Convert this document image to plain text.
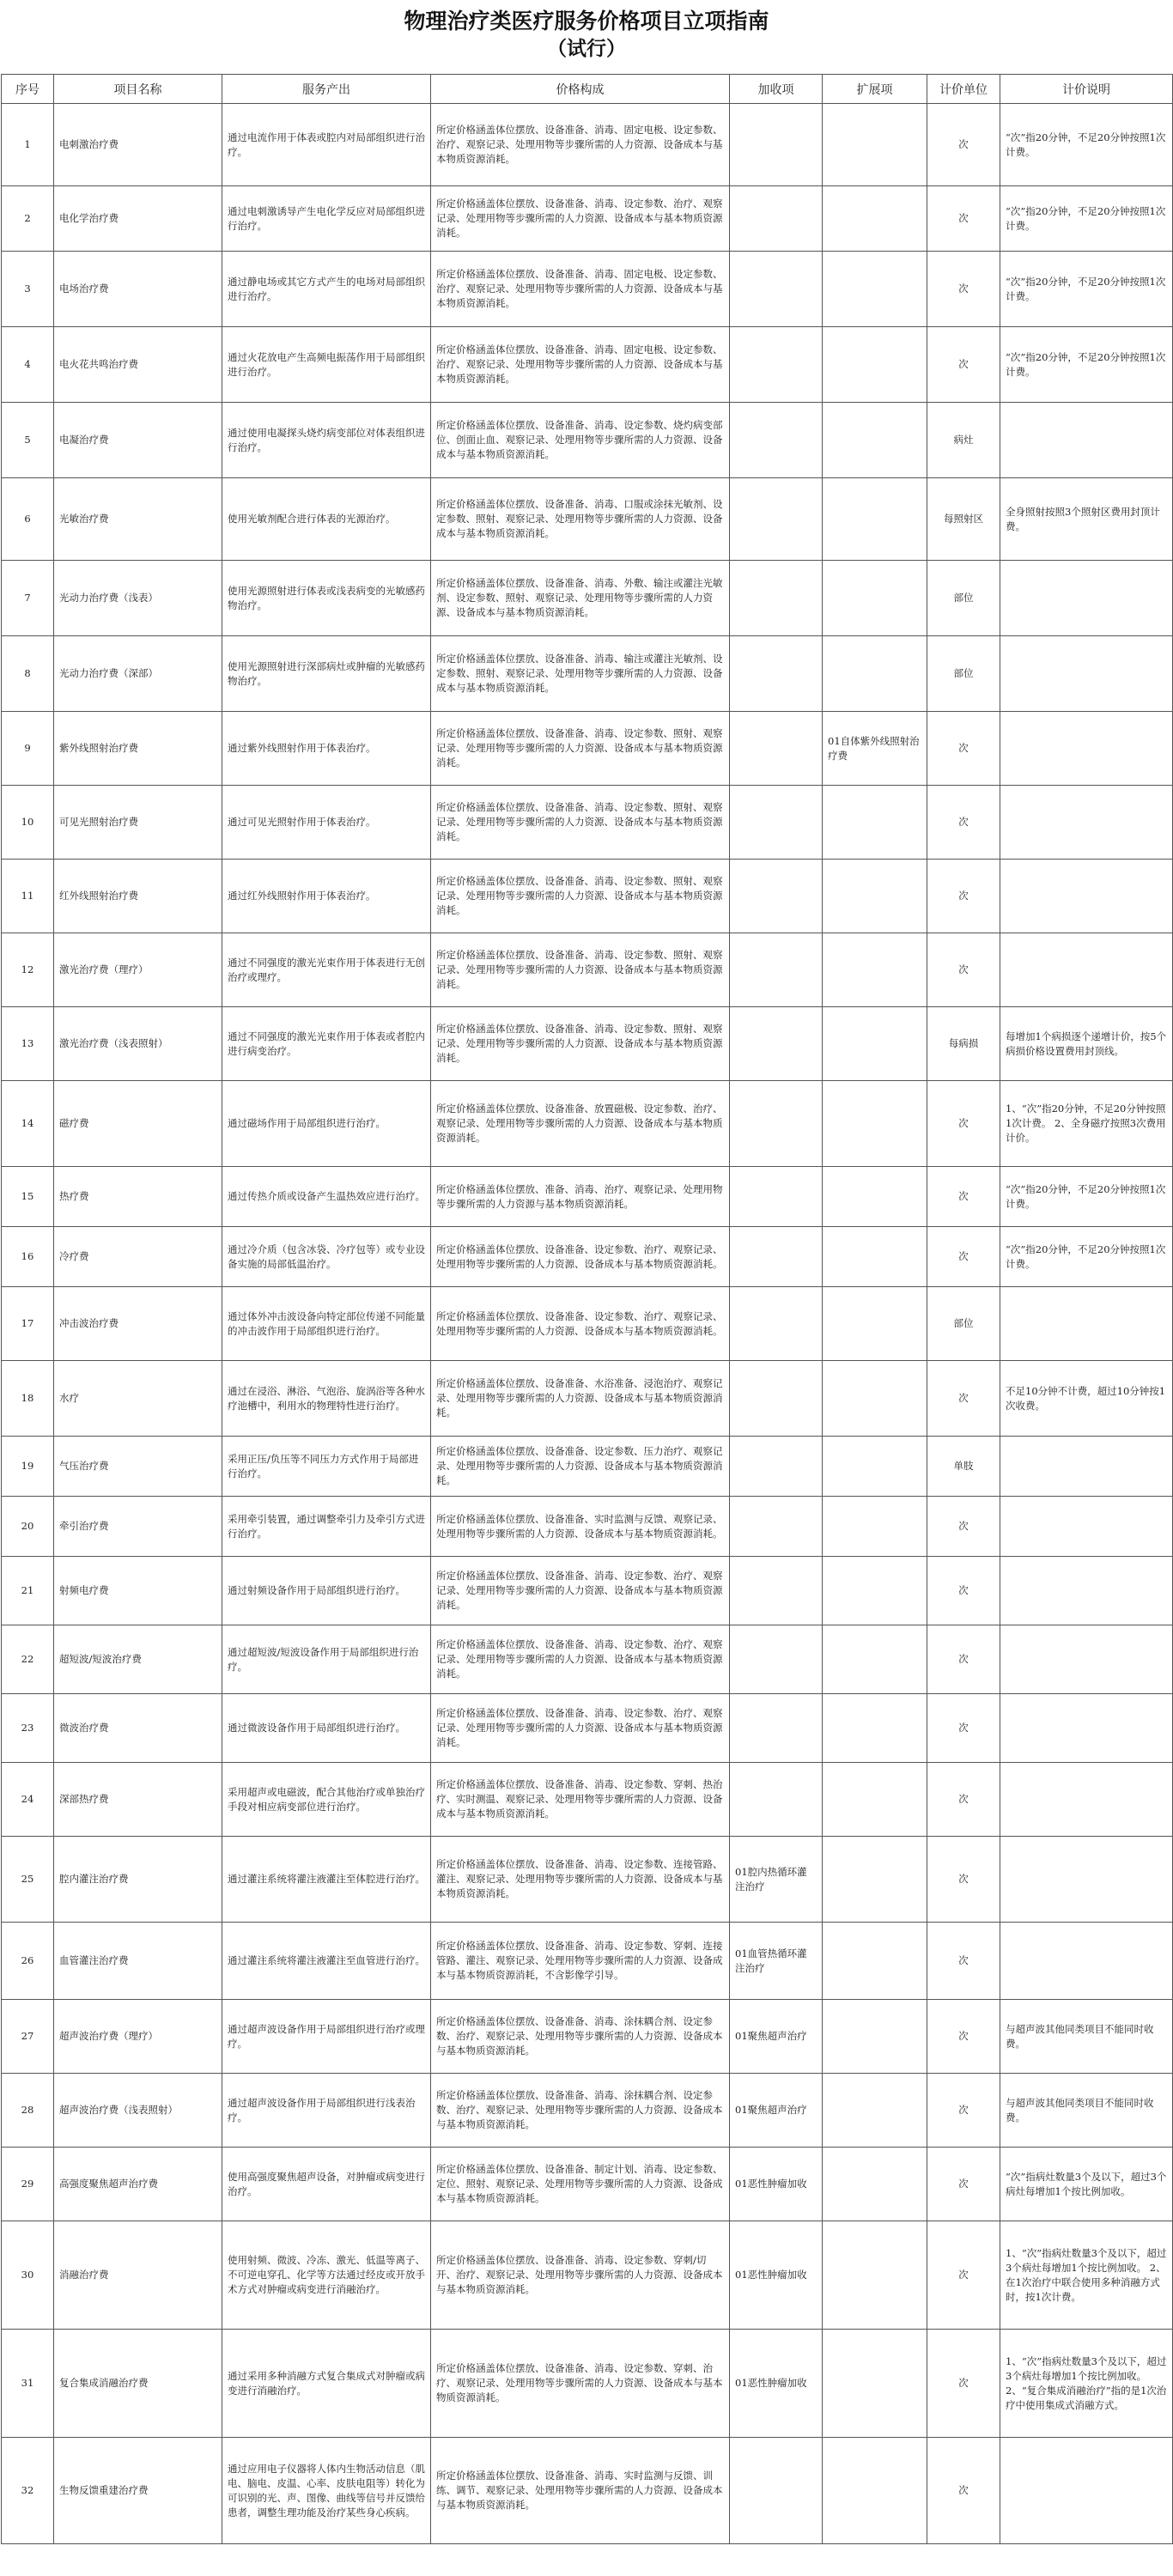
物理治疗类医疗服务价格项目立项指南
（试行）
序号	项目名称	服务产出	价格构成	加收项	扩展项	计价单位	计价说明
1	电刺激治疗费	通过电流作用于体表或腔内对局部组织进行治疗。	所定价格涵盖体位摆放、设备准备、消毒、固定电极、设定参数、治疗、观察记录、处理用物等步骤所需的人力资源、设备成本与基本物质资源消耗。			次	“次”指20分钟，不足20分钟按照1次计费。
2	电化学治疗费	通过电刺激诱导产生电化学反应对局部组织进行治疗。	所定价格涵盖体位摆放、设备准备、消毒、设定参数、治疗、观察记录、处理用物等步骤所需的人力资源、设备成本与基本物质资源消耗。			次	“次”指20分钟，不足20分钟按照1次计费。
3	电场治疗费	通过静电场或其它方式产生的电场对局部组织进行治疗。	所定价格涵盖体位摆放、设备准备、消毒、固定电极、设定参数、治疗、观察记录、处理用物等步骤所需的人力资源、设备成本与基本物质资源消耗。			次	“次”指20分钟，不足20分钟按照1次计费。
4	电火花共鸣治疗费	通过火花放电产生高频电振荡作用于局部组织进行治疗。	所定价格涵盖体位摆放、设备准备、消毒、固定电极、设定参数、治疗、观察记录、处理用物等步骤所需的人力资源、设备成本与基本物质资源消耗。			次	“次”指20分钟，不足20分钟按照1次计费。
5	电凝治疗费	通过使用电凝探头烧灼病变部位对体表组织进行治疗。	所定价格涵盖体位摆放、设备准备、消毒、设定参数、烧灼病变部位、创面止血、观察记录、处理用物等步骤所需的人力资源、设备成本与基本物质资源消耗。			病灶	
6	光敏治疗费	使用光敏剂配合进行体表的光源治疗。	所定价格涵盖体位摆放、设备准备、消毒、口服或涂抹光敏剂、设定参数、照射、观察记录、处理用物等步骤所需的人力资源、设备成本与基本物质资源消耗。			每照射区	全身照射按照3个照射区费用封顶计费。
7	光动力治疗费（浅表）	使用光源照射进行体表或浅表病变的光敏感药物治疗。	所定价格涵盖体位摆放、设备准备、消毒、外敷、输注或灌注光敏剂、设定参数、照射、观察记录、处理用物等步骤所需的人力资源、设备成本与基本物质资源消耗。			部位	
8	光动力治疗费（深部）	使用光源照射进行深部病灶或肿瘤的光敏感药物治疗。	所定价格涵盖体位摆放、设备准备、消毒、输注或灌注光敏剂、设定参数、照射、观察记录、处理用物等步骤所需的人力资源、设备成本与基本物质资源消耗。			部位	
9	紫外线照射治疗费	通过紫外线照射作用于体表治疗。	所定价格涵盖体位摆放、设备准备、消毒、设定参数、照射、观察记录、处理用物等步骤所需的人力资源、设备成本与基本物质资源消耗。		01自体紫外线照射治疗费	次	
10	可见光照射治疗费	通过可见光照射作用于体表治疗。	所定价格涵盖体位摆放、设备准备、消毒、设定参数、照射、观察记录、处理用物等步骤所需的人力资源、设备成本与基本物质资源消耗。			次	
11	红外线照射治疗费	通过红外线照射作用于体表治疗。	所定价格涵盖体位摆放、设备准备、消毒、设定参数、照射、观察记录、处理用物等步骤所需的人力资源、设备成本与基本物质资源消耗。			次	
12	激光治疗费（理疗）	通过不同强度的激光光束作用于体表进行无创治疗或理疗。	所定价格涵盖体位摆放、设备准备、消毒、设定参数、照射、观察记录、处理用物等步骤所需的人力资源、设备成本与基本物质资源消耗。			次	
13	激光治疗费（浅表照射）	通过不同强度的激光光束作用于体表或者腔内进行病变治疗。	所定价格涵盖体位摆放、设备准备、消毒、设定参数、照射、观察记录、处理用物等步骤所需的人力资源、设备成本与基本物质资源消耗。			每病损	每增加1个病损逐个递增计价，按5个病损价格设置费用封顶线。
14	磁疗费	通过磁场作用于局部组织进行治疗。	所定价格涵盖体位摆放、设备准备、放置磁极、设定参数、治疗、观察记录、处理用物等步骤所需的人力资源、设备成本与基本物质资源消耗。			次	1、“次”指20分钟，不足20分钟按照1次计费。 2、全身磁疗按照3次费用计价。
15	热疗费	通过传热介质或设备产生温热效应进行治疗。	所定价格涵盖体位摆放、准备、消毒、治疗、观察记录、处理用物等步骤所需的人力资源与基本物质资源消耗。			次	“次”指20分钟，不足20分钟按照1次计费。
16	冷疗费	通过冷介质（包含冰袋、冷疗包等）或专业设备实施的局部低温治疗。	所定价格涵盖体位摆放、设备准备、设定参数、治疗、观察记录、处理用物等步骤所需的人力资源、设备成本与基本物质资源消耗。			次	“次”指20分钟，不足20分钟按照1次计费。
17	冲击波治疗费	通过体外冲击波设备向特定部位传递不同能量的冲击波作用于局部组织进行治疗。	所定价格涵盖体位摆放、设备准备、设定参数、治疗、观察记录、处理用物等步骤所需的人力资源、设备成本与基本物质资源消耗。			部位	
18	水疗	通过在浸浴、淋浴、气泡浴、旋涡浴等各种水疗池槽中，利用水的物理特性进行治疗。	所定价格涵盖体位摆放、设备准备、水浴准备、浸泡治疗、观察记录、处理用物等步骤所需的人力资源、设备成本与基本物质资源消耗。			次	不足10分钟不计费，超过10分钟按1次收费。
19	气压治疗费	采用正压/负压等不同压力方式作用于局部进行治疗。	所定价格涵盖体位摆放、设备准备、设定参数、压力治疗、观察记录、处理用物等步骤所需的人力资源、设备成本与基本物质资源消耗。			单肢	
20	牵引治疗费	采用牵引装置，通过调整牵引力及牵引方式进行治疗。	所定价格涵盖体位摆放、设备准备、实时监测与反馈、观察记录、处理用物等步骤所需的人力资源、设备成本与基本物质资源消耗。			次	
21	射频电疗费	通过射频设备作用于局部组织进行治疗。	所定价格涵盖体位摆放、设备准备、消毒、设定参数、治疗、观察记录、处理用物等步骤所需的人力资源、设备成本与基本物质资源消耗。			次	
22	超短波/短波治疗费	通过超短波/短波设备作用于局部组织进行治疗。	所定价格涵盖体位摆放、设备准备、消毒、设定参数、治疗、观察记录、处理用物等步骤所需的人力资源、设备成本与基本物质资源消耗。			次	
23	微波治疗费	通过微波设备作用于局部组织进行治疗。	所定价格涵盖体位摆放、设备准备、消毒、设定参数、治疗、观察记录、处理用物等步骤所需的人力资源、设备成本与基本物质资源消耗。			次	
24	深部热疗费	采用超声或电磁波，配合其他治疗或单独治疗手段对相应病变部位进行治疗。	所定价格涵盖体位摆放、设备准备、消毒、设定参数、穿刺、热治疗、实时测温、观察记录、处理用物等步骤所需的人力资源、设备成本与基本物质资源消耗。			次	
25	腔内灌注治疗费	通过灌注系统将灌注液灌注至体腔进行治疗。	所定价格涵盖体位摆放、设备准备、消毒、设定参数、连接管路、灌注、观察记录、处理用物等步骤所需的人力资源、设备成本与基本物质资源消耗。	01腔内热循环灌注治疗		次	
26	血管灌注治疗费	通过灌注系统将灌注液灌注至血管进行治疗。	所定价格涵盖体位摆放、设备准备、消毒、设定参数、穿刺、连接管路、灌注、观察记录、处理用物等步骤所需的人力资源、设备成本与基本物质资源消耗，不含影像学引导。	01血管热循环灌注治疗		次	
27	超声波治疗费（理疗）	通过超声波设备作用于局部组织进行治疗或理疗。	所定价格涵盖体位摆放、设备准备、消毒、涂抹耦合剂、设定参数、治疗、观察记录、处理用物等步骤所需的人力资源、设备成本与基本物质资源消耗。	01聚焦超声治疗		次	与超声波其他同类项目不能同时收费。
28	超声波治疗费（浅表照射）	通过超声波设备作用于局部组织进行浅表治疗。	所定价格涵盖体位摆放、设备准备、消毒、涂抹耦合剂、设定参数、治疗、观察记录、处理用物等步骤所需的人力资源、设备成本与基本物质资源消耗。	01聚焦超声治疗		次	与超声波其他同类项目不能同时收费。
29	高强度聚焦超声治疗费	使用高强度聚焦超声设备，对肿瘤或病变进行治疗。	所定价格涵盖体位摆放、设备准备、制定计划、消毒、设定参数、定位、照射、观察记录、处理用物等步骤所需的人力资源、设备成本与基本物质资源消耗。	01恶性肿瘤加收		次	“次”指病灶数量3个及以下，超过3个病灶每增加1个按比例加收。
30	消融治疗费	使用射频、微波、冷冻、激光、低温等离子、不可逆电穿孔、化学等方法通过经皮或开放手术方式对肿瘤或病变进行消融治疗。	所定价格涵盖体位摆放、设备准备、消毒、设定参数、穿刺/切开、治疗、观察记录、处理用物等步骤所需的人力资源、设备成本与基本物质资源消耗。	01恶性肿瘤加收		次	1、“次”指病灶数量3个及以下，超过3个病灶每增加1个按比例加收。 2、在1次治疗中联合使用多种消融方式时，按1次计费。
31	复合集成消融治疗费	通过采用多种消融方式复合集成式对肿瘤或病变进行消融治疗。	所定价格涵盖体位摆放、设备准备、消毒、设定参数、穿刺、治疗、观察记录、处理用物等步骤所需的人力资源、设备成本与基本物质资源消耗。	01恶性肿瘤加收		次	1、“次”指病灶数量3个及以下，超过3个病灶每增加1个按比例加收。 2、“复合集成消融治疗”指的是1次治疗中使用集成式消融方式。
32	生物反馈重建治疗费	通过应用电子仪器将人体内生物活动信息（肌电、脑电、皮温、心率、皮肤电阻等）转化为可识别的光、声、图像、曲线等信号并反馈给患者，调整生理功能及治疗某些身心疾病。	所定价格涵盖体位摆放、设备准备、消毒、实时监测与反馈、训练、调节、观察记录、处理用物等步骤所需的人力资源、设备成本与基本物质资源消耗。			次	
